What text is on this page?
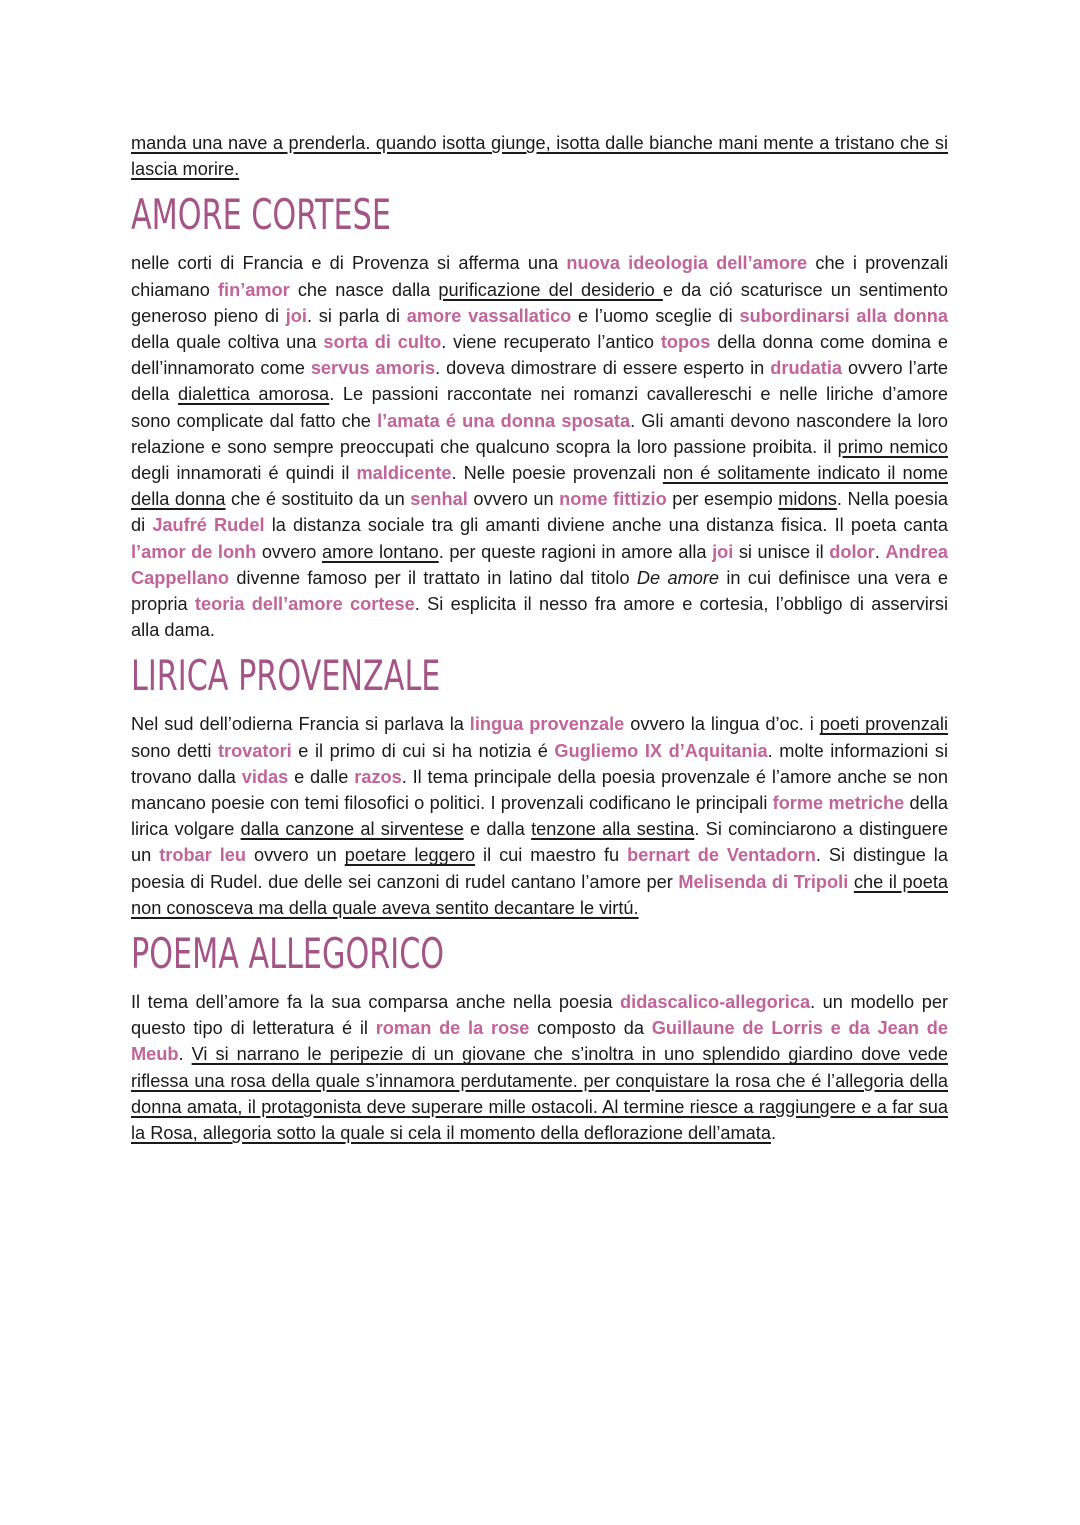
manda una nave a prenderla. quando isotta giunge, isotta dalle bianche mani mente a tristano che si lascia morire.

AMORE CORTESE

nelle corti di Francia e di Provenza si afferma una nuova ideologia dell’amore che i provenzali chiamano fin’amor che nasce dalla purificazione del desiderio e da ció scaturisce un sentimento generoso pieno di joi. si parla di amore vassallatico e l’uomo sceglie di subordinarsi alla donna della quale coltiva una sorta di culto. viene recuperato l’antico topos della donna come domina e dell’innamorato come servus amoris. doveva dimostrare di essere esperto in drudatia ovvero l’arte della dialettica amorosa. Le passioni raccontate nei romanzi cavallereschi e nelle liriche d’amore sono complicate dal fatto che l’amata é una donna sposata. Gli amanti devono nascondere la loro relazione e sono sempre preoccupati che qualcuno scopra la loro passione proibita. il primo nemico degli innamorati é quindi il maldicente. Nelle poesie provenzali non é solitamente indicato il nome della donna che é sostituito da un senhal ovvero un nome fittizio per esempio midons. Nella poesia di Jaufré Rudel la distanza sociale tra gli amanti diviene anche una distanza fisica. Il poeta canta l’amor de lonh ovvero amore lontano. per queste ragioni in amore alla joi si unisce il dolor. Andrea Cappellano divenne famoso per il trattato in latino dal titolo De amore in cui definisce una vera e propria teoria dell’amore cortese. Si esplicita il nesso fra amore e cortesia, l’obbligo di asservirsi alla dama.

LIRICA PROVENZALE

Nel sud dell’odierna Francia si parlava la lingua provenzale ovvero la lingua d’oc. i poeti provenzali sono detti trovatori e il primo di cui si ha notizia é Gugliemo IX d’Aquitania. molte informazioni si trovano dalla vidas e dalle razos. Il tema principale della poesia provenzale é l’amore anche se non mancano poesie con temi filosofici o politici. I provenzali codificano le principali forme metriche della lirica volgare dalla canzone al sirventese e dalla tenzone alla sestina. Si cominciarono a distinguere un trobar leu ovvero un poetare leggero il cui maestro fu bernart de Ventadorn. Si distingue la poesia di Rudel. due delle sei canzoni di rudel cantano l’amore per Melisenda di Tripoli che il poeta non conosceva ma della quale aveva sentito decantare le virtú.

POEMA ALLEGORICO

Il tema dell’amore fa la sua comparsa anche nella poesia didascalico-allegorica. un modello per questo tipo di letteratura é il roman de la rose composto da Guillaune de Lorris e da Jean de Meub. Vi si narrano le peripezie di un giovane che s’inoltra in uno splendido giardino dove vede riflessa una rosa della quale s’innamora perdutamente. per conquistare la rosa che é l’allegoria della donna amata, il protagonista deve superare mille ostacoli. Al termine riesce a raggiungere e a far sua la Rosa, allegoria sotto la quale si cela il momento della deflorazione dell’amata.
